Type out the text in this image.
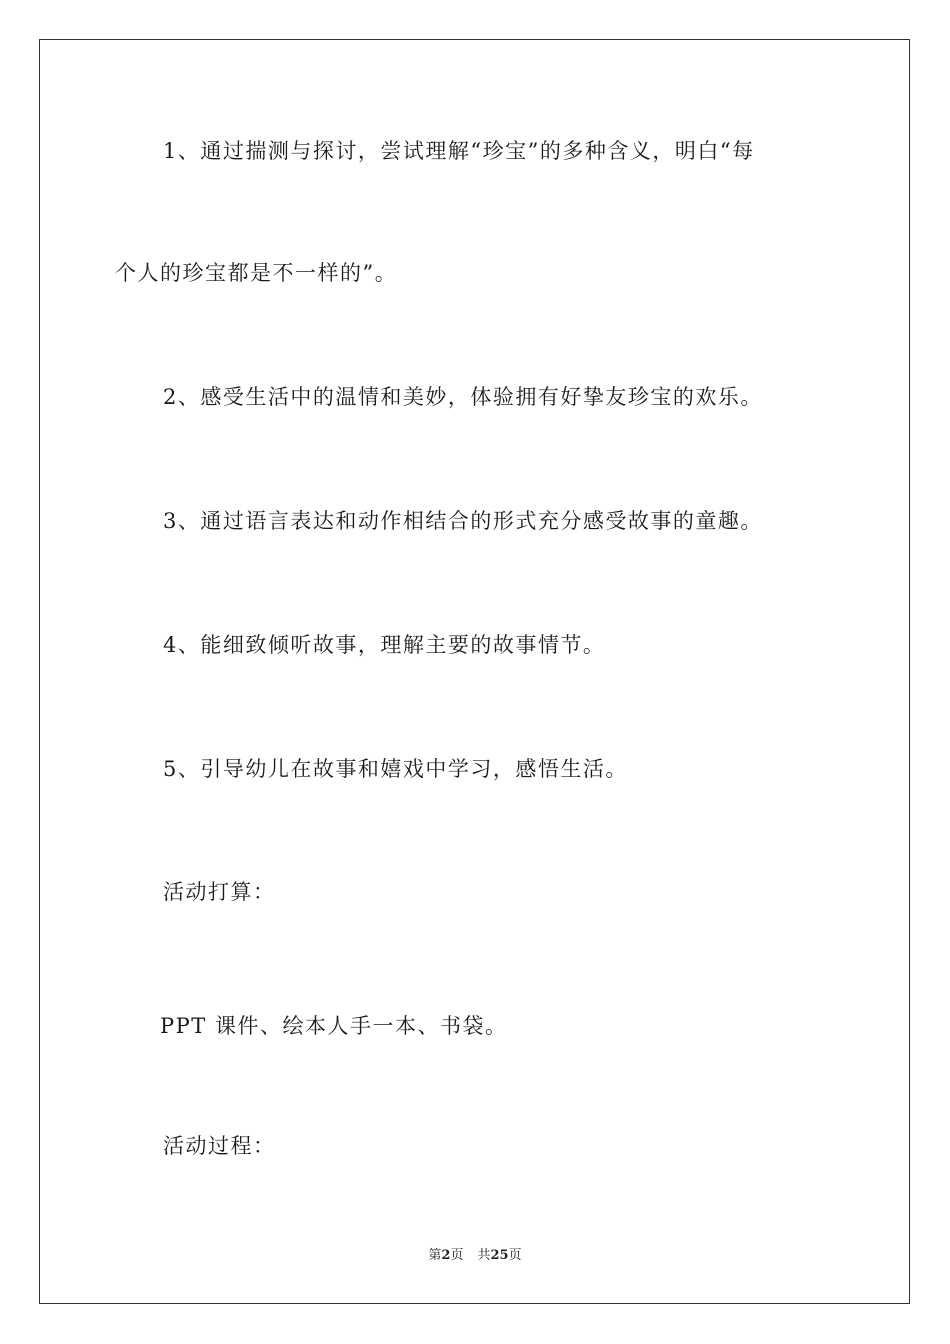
1、通过揣测与探讨，尝试理解“珍宝”的多种含义，明白“每
个人的珍宝都是不一样的”。
2、感受生活中的温情和美妙，体验拥有好挚友珍宝的欢乐。
3、通过语言表达和动作相结合的形式充分感受故事的童趣。
4、能细致倾听故事，理解主要的故事情节。
5、引导幼儿在故事和嬉戏中学习，感悟生活。
活动打算：
PPT 课件、绘本人手一本、书袋。
活动过程：
第2页 共25页
